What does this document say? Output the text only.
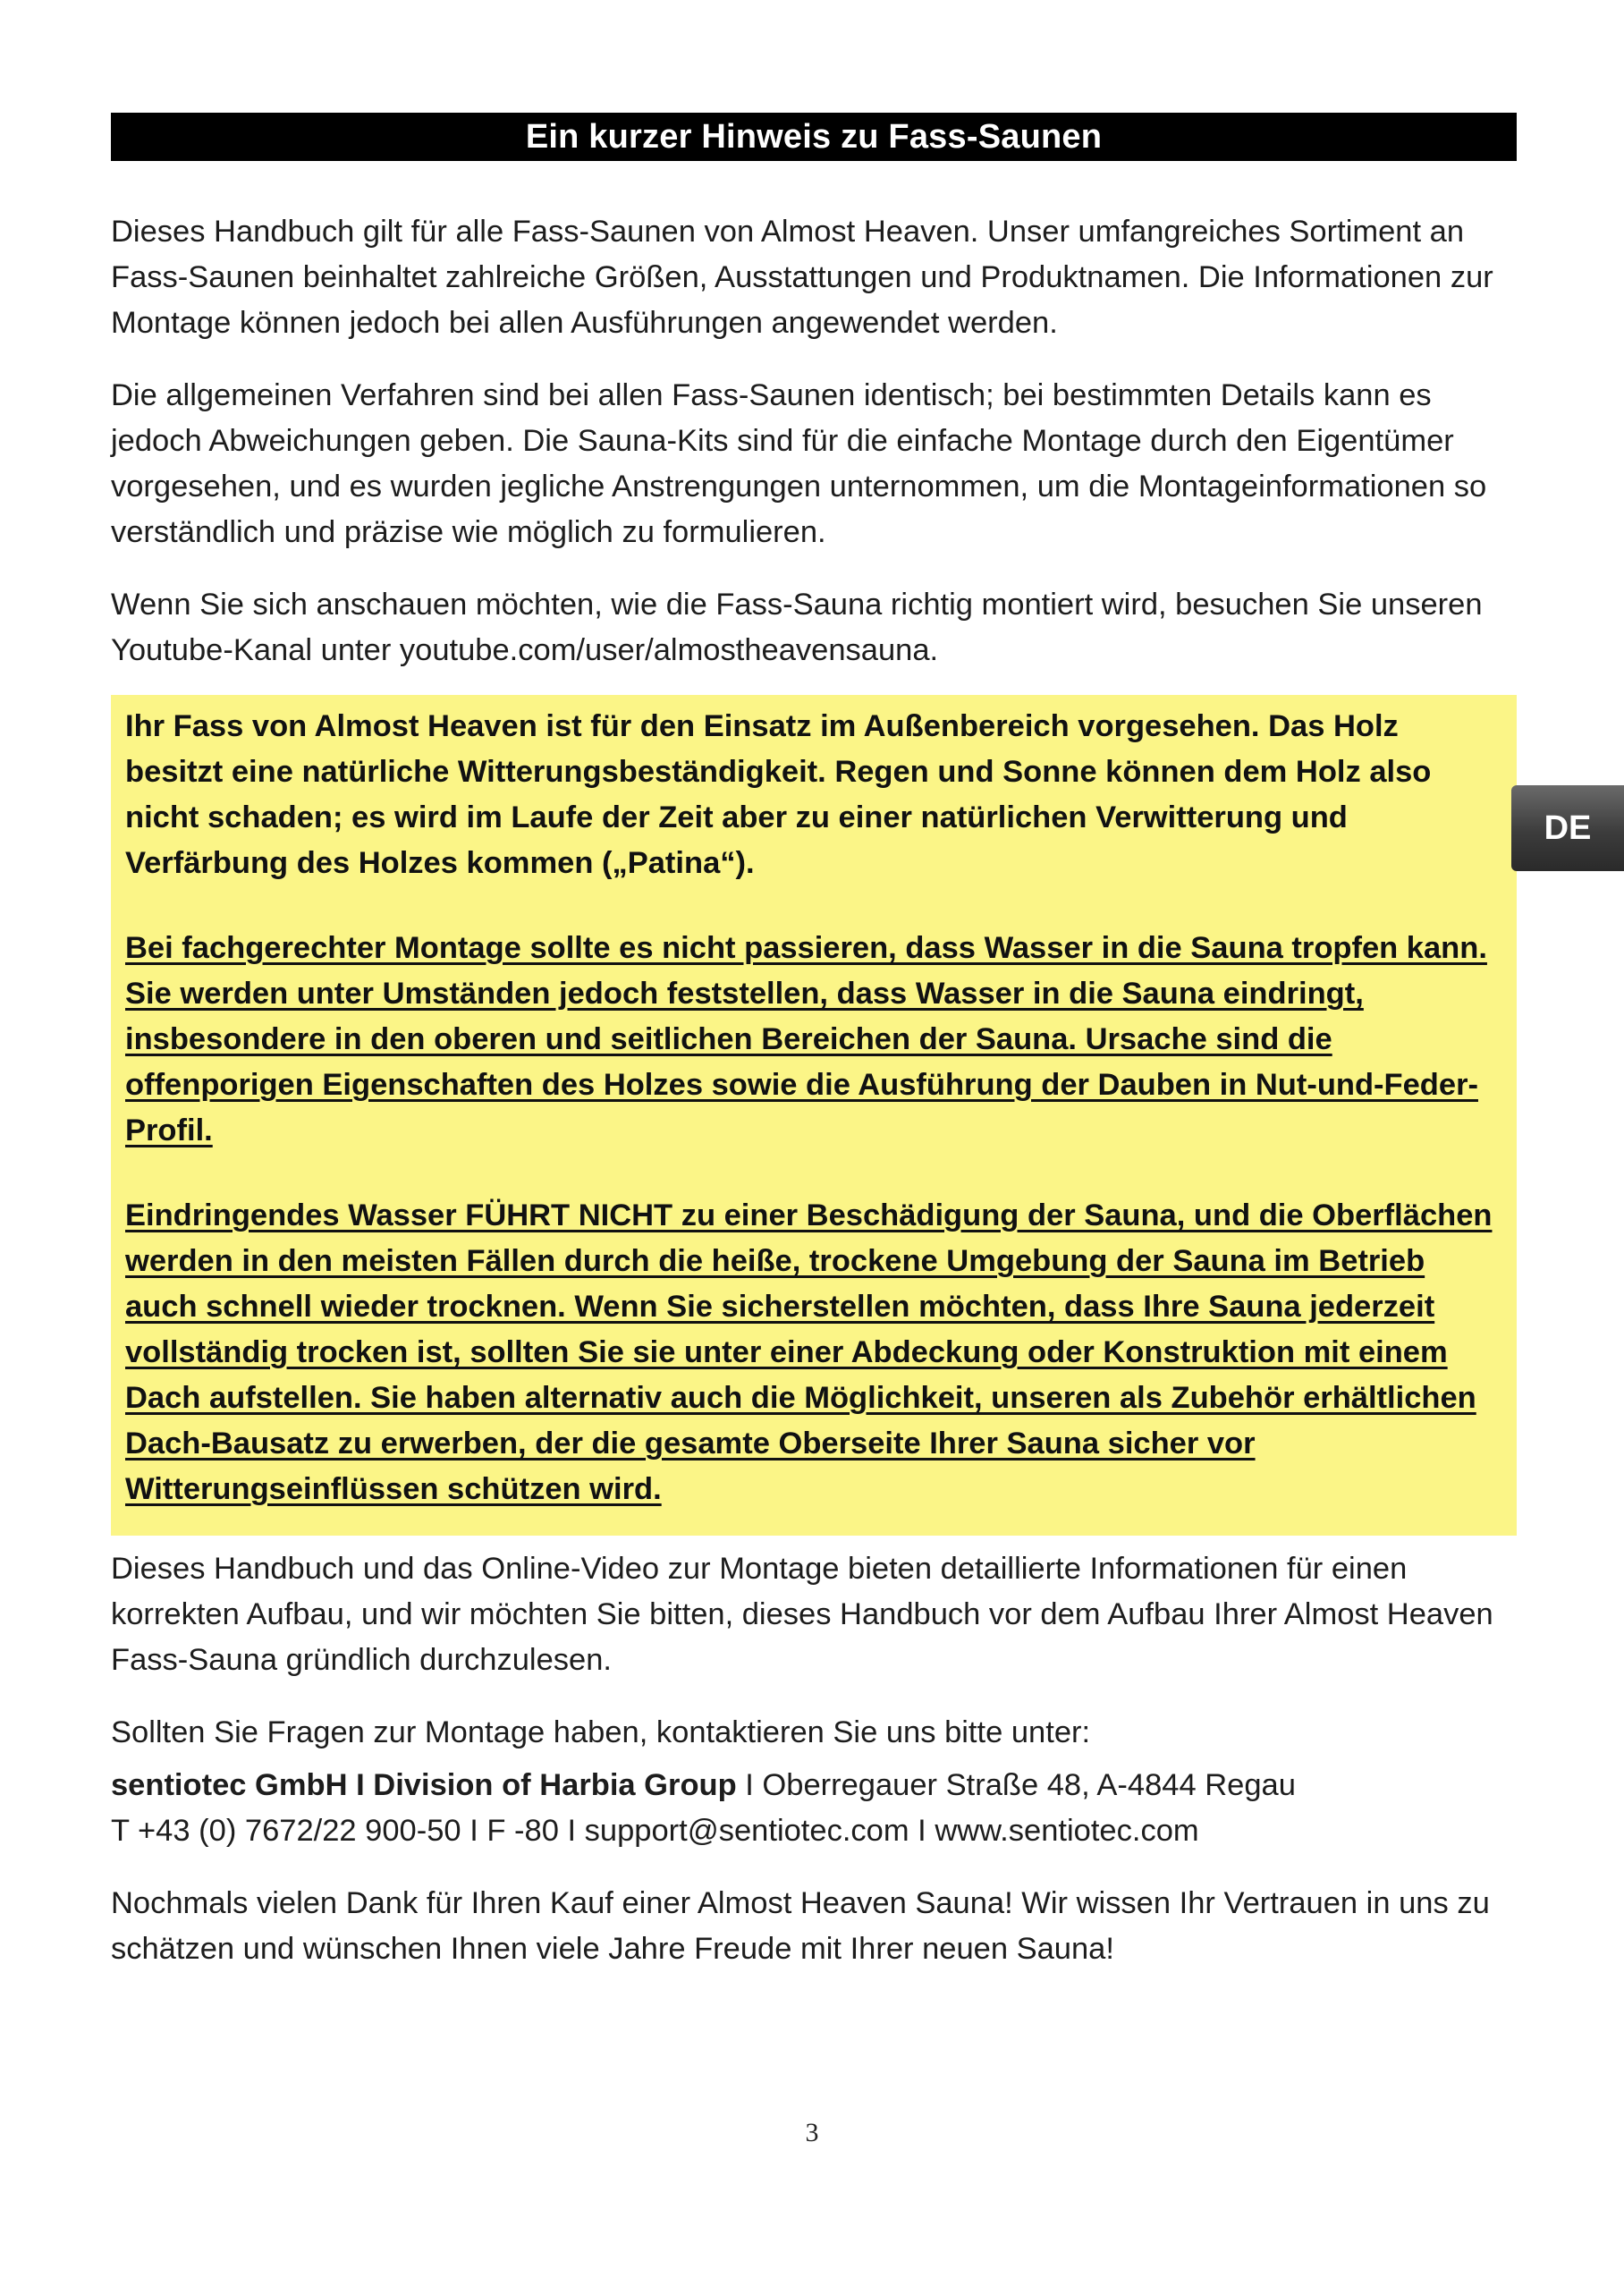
Ein kurzer Hinweis zu Fass-Saunen

Dieses Handbuch gilt für alle Fass-Saunen von Almost Heaven. Unser umfangreiches Sortiment an Fass-Saunen beinhaltet zahlreiche Größen, Ausstattungen und Produktnamen. Die Informationen zur Montage können jedoch bei allen Ausführungen angewendet werden.

Die allgemeinen Verfahren sind bei allen Fass-Saunen identisch; bei bestimmten Details kann es jedoch Abweichungen geben. Die Sauna-Kits sind für die einfache Montage durch den Eigentümer vorgesehen, und es wurden jegliche Anstrengungen unternommen, um die Montageinformationen so verständlich und präzise wie möglich zu formulieren.

Wenn Sie sich anschauen möchten, wie die Fass-Sauna richtig montiert wird, besuchen Sie unseren Youtube-Kanal unter youtube.com/user/almostheavensauna.

Ihr Fass von Almost Heaven ist für den Einsatz im Außenbereich vorgesehen. Das Holz besitzt eine natürliche Witterungsbeständigkeit. Regen und Sonne können dem Holz also nicht schaden; es wird im Laufe der Zeit aber zu einer natürlichen Verwitterung und Verfärbung des Holzes kommen („Patina“).

Bei fachgerechter Montage sollte es nicht passieren, dass Wasser in die Sauna tropfen kann. Sie werden unter Umständen jedoch feststellen, dass Wasser in die Sauna eindringt, insbesondere in den oberen und seitlichen Bereichen der Sauna. Ursache sind die offenporigen Eigenschaften des Holzes sowie die Ausführung der Dauben in Nut-und-Feder-Profil.

Eindringendes Wasser FÜHRT NICHT zu einer Beschädigung der Sauna, und die Oberflächen werden in den meisten Fällen durch die heiße, trockene Umgebung der Sauna im Betrieb auch schnell wieder trocknen. Wenn Sie sicherstellen möchten, dass Ihre Sauna jederzeit vollständig trocken ist, sollten Sie sie unter einer Abdeckung oder Konstruktion mit einem Dach aufstellen. Sie haben alternativ auch die Möglichkeit, unseren als Zubehör erhältlichen Dach-Bausatz zu erwerben, der die gesamte Oberseite Ihrer Sauna sicher vor Witterungseinflüssen schützen wird.

Dieses Handbuch und das Online-Video zur Montage bieten detaillierte Informationen für einen korrekten Aufbau, und wir möchten Sie bitten, dieses Handbuch vor dem Aufbau Ihrer Almost Heaven Fass-Sauna gründlich durchzulesen.

Sollten Sie Fragen zur Montage haben, kontaktieren Sie uns bitte unter:

sentiotec GmbH I Division of Harbia Group I Oberregauer Straße 48, A-4844 Regau
T +43 (0) 7672/22 900-50 I F -80 I support@sentiotec.com I www.sentiotec.com

Nochmals vielen Dank für Ihren Kauf einer Almost Heaven Sauna! Wir wissen Ihr Vertrauen in uns zu schätzen und wünschen Ihnen viele Jahre Freude mit Ihrer neuen Sauna!

DE
3
